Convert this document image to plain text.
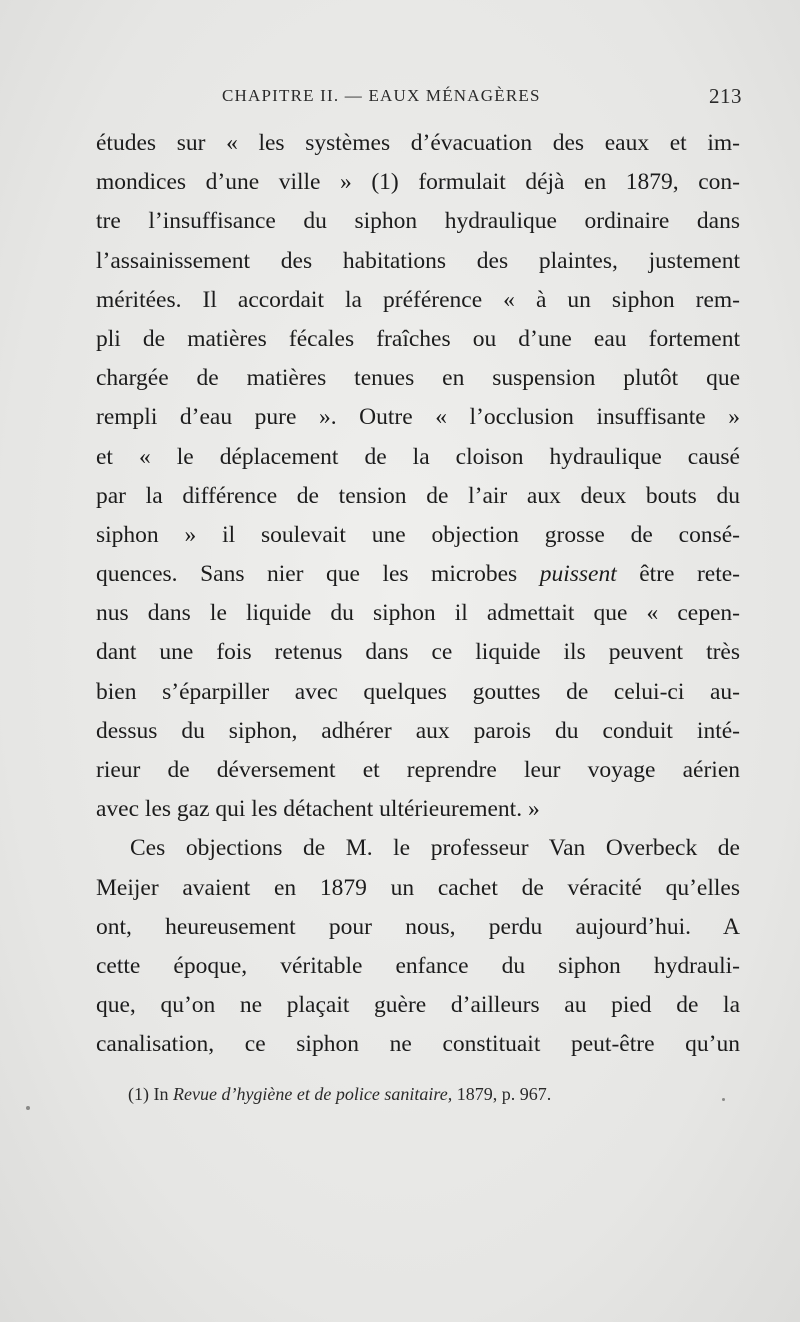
CHAPITRE II. — EAUX MÉNAGÈRES	213
études sur « les systèmes d’évacuation des eaux et im-
mondices d’une ville » (1) formulait déjà en 1879, con-
tre l’insuffisance du siphon hydraulique ordinaire dans
l’assainissement des habitations des plaintes, justement
méritées. Il accordait la préférence « à un siphon rem-
pli de matières fécales fraîches ou d’une eau fortement
chargée de matières tenues en suspension plutôt que
rempli d’eau pure ». Outre « l’occlusion insuffisante »
et « le déplacement de la cloison hydraulique causé
par la différence de tension de l’air aux deux bouts du
siphon » il soulevait une objection grosse de consé-
quences. Sans nier que les microbes puissent être rete-
nus dans le liquide du siphon il admettait que « cepen-
dant une fois retenus dans ce liquide ils peuvent très
bien s’éparpiller avec quelques gouttes de celui-ci au-
dessus du siphon, adhérer aux parois du conduit inté-
rieur de déversement et reprendre leur voyage aérien
avec les gaz qui les détachent ultérieurement. »
Ces objections de M. le professeur Van Overbeck de
Meijer avaient en 1879 un cachet de véracité qu’elles
ont, heureusement pour nous, perdu aujourd’hui. A
cette époque, véritable enfance du siphon hydrauli-
que, qu’on ne plaçait guère d’ailleurs au pied de la
canalisation, ce siphon ne constituait peut-être qu’un
(1) In Revue d’hygiène et de police sanitaire, 1879, p. 967.
